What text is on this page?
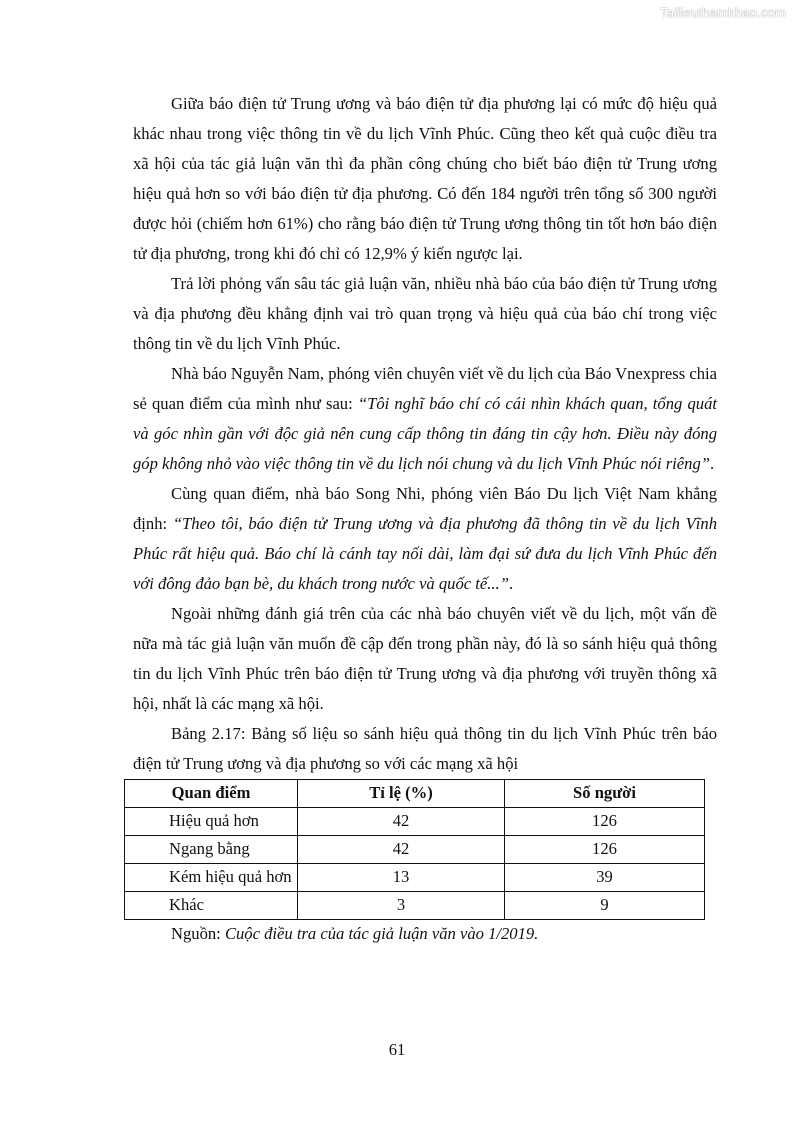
Tailieuthamkhao.com

Giữa báo điện tử Trung ương và báo điện tử địa phương lại có mức độ hiệu quả khác nhau trong việc thông tin về du lịch Vĩnh Phúc. Cũng theo kết quả cuộc điều tra xã hội của tác giả luận văn thì đa phần công chúng cho biết báo điện tử Trung ương hiệu quả hơn so với báo điện tử địa phương. Có đến 184 người trên tổng số 300 người được hỏi (chiếm hơn 61%) cho rằng báo điện tử Trung ương thông tin tốt hơn báo điện tử địa phương, trong khi đó chỉ có 12,9% ý kiến ngược lại.

Trả lời phỏng vấn sâu tác giả luận văn, nhiều nhà báo của báo điện tử Trung ương và địa phương đều khẳng định vai trò quan trọng và hiệu quả của báo chí trong việc thông tin về du lịch Vĩnh Phúc.

Nhà báo Nguyễn Nam, phóng viên chuyên viết về du lịch của Báo Vnexpress chia sẻ quan điểm của mình như sau: “Tôi nghĩ báo chí có cái nhìn khách quan, tổng quát và góc nhìn gần với độc giả nên cung cấp thông tin đáng tin cậy hơn. Điều này đóng góp không nhỏ vào việc thông tin về du lịch nói chung và du lịch Vĩnh Phúc nói riêng”.

Cùng quan điểm, nhà báo Song Nhi, phóng viên Báo Du lịch Việt Nam khẳng định: “Theo tôi, báo điện tử Trung ương và địa phương đã thông tin về du lịch Vĩnh Phúc rất hiệu quả. Báo chí là cánh tay nối dài, làm đại sứ đưa du lịch Vĩnh Phúc đến với đông đảo bạn bè, du khách trong nước và quốc tế...”.

Ngoài những đánh giá trên của các nhà báo chuyên viết về du lịch, một vấn đề nữa mà tác giả luận văn muốn đề cập đến trong phần này, đó là so sánh hiệu quả thông tin du lịch Vĩnh Phúc trên báo điện tử Trung ương và địa phương với truyền thông xã hội, nhất là các mạng xã hội.

Bảng 2.17: Bảng số liệu so sánh hiệu quả thông tin du lịch Vĩnh Phúc trên báo điện tử Trung ương và địa phương so với các mạng xã hội

Quan điểm	Tỉ lệ (%)	Số người
Hiệu quả hơn	42	126
Ngang bằng	42	126
Kém hiệu quả hơn	13	39
Khác	3	9

Nguồn: Cuộc điều tra của tác giả luận văn vào 1/2019.

61
